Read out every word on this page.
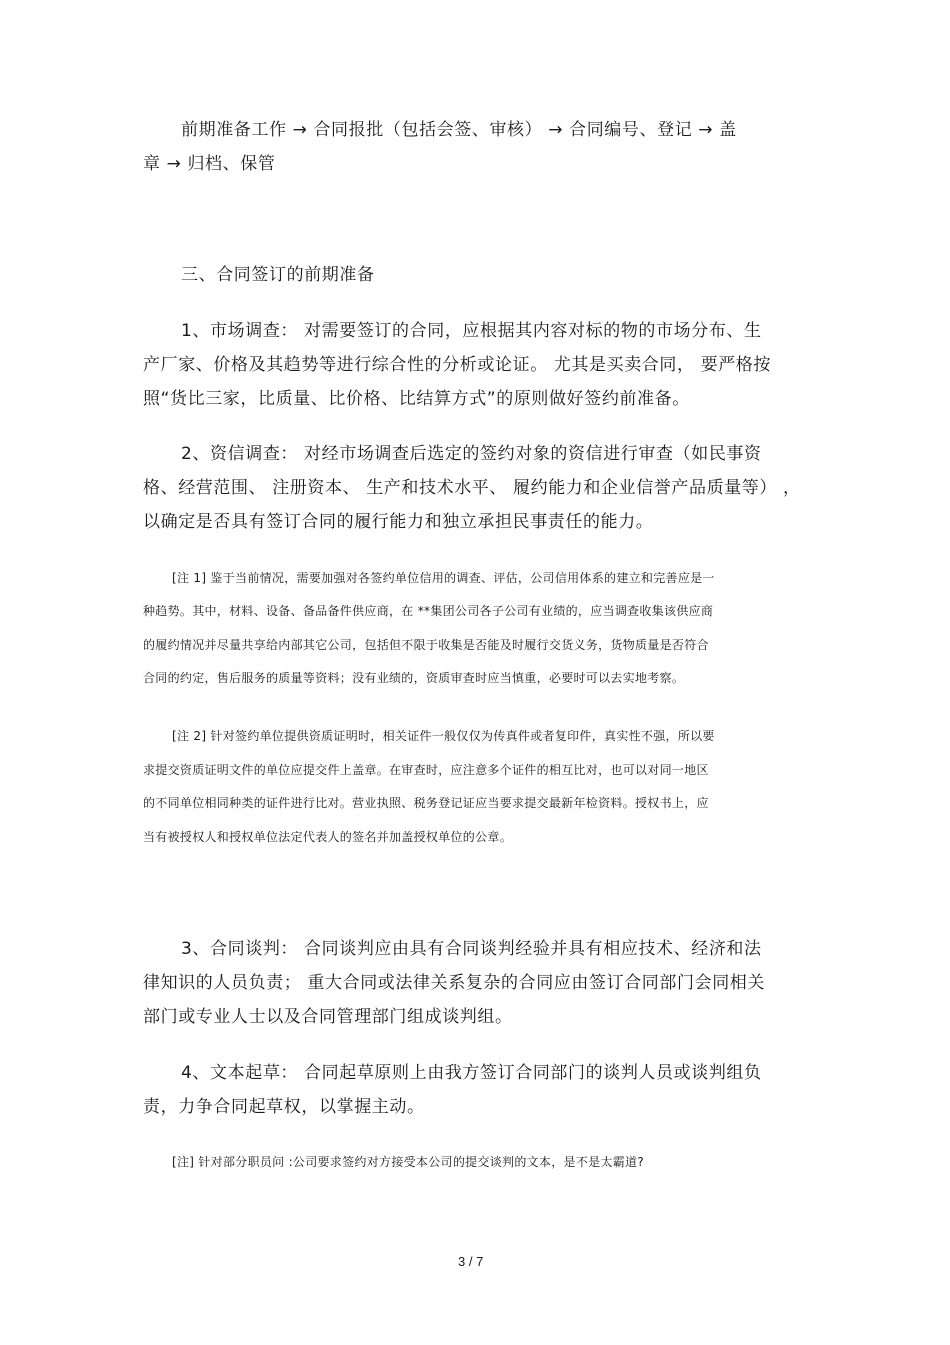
前期准备工作 → 合同报批（包括会签、审核） → 合同编号、登记 → 盖

章 → 归档、保管

三、合同签订的前期准备

1、市场调查： 对需要签订的合同，应根据其内容对标的物的市场分布、生

产厂家、价格及其趋势等进行综合性的分析或论证。 尤其是买卖合同， 要严格按

照“货比三家，比质量、比价格、比结算方式”的原则做好签约前准备。

2、资信调查： 对经市场调查后选定的签约对象的资信进行审查（如民事资

格、经营范围、 注册资本、 生产和技术水平、 履约能力和企业信誉产品质量等） ，

以确定是否具有签订合同的履行能力和独立承担民事责任的能力。

[注 1] 鉴于当前情况，需要加强对各签约单位信用的调查、评估，公司信用体系的建立和完善应是一

种趋势。其中，材料、设备、备品备件供应商，在 **集团公司各子公司有业绩的，应当调查收集该供应商

的履约情况并尽量共享给内部其它公司，包括但不限于收集是否能及时履行交货义务，货物质量是否符合

合同的约定，售后服务的质量等资料；没有业绩的，资质审查时应当慎重，必要时可以去实地考察。

[注 2] 针对签约单位提供资质证明时，相关证件一般仅仅为传真件或者复印件，真实性不强，所以要

求提交资质证明文件的单位应提交件上盖章。在审查时，应注意多个证件的相互比对，也可以对同一地区

的不同单位相同种类的证件进行比对。营业执照、税务登记证应当要求提交最新年检资料。授权书上，应

当有被授权人和授权单位法定代表人的签名并加盖授权单位的公章。

3、合同谈判： 合同谈判应由具有合同谈判经验并具有相应技术、经济和法

律知识的人员负责； 重大合同或法律关系复杂的合同应由签订合同部门会同相关

部门或专业人士以及合同管理部门组成谈判组。

4、文本起草： 合同起草原则上由我方签订合同部门的谈判人员或谈判组负

责，力争合同起草权，以掌握主动。

[注] 针对部分职员问 :公司要求签约对方接受本公司的提交谈判的文本，是不是太霸道?

3 / 7
